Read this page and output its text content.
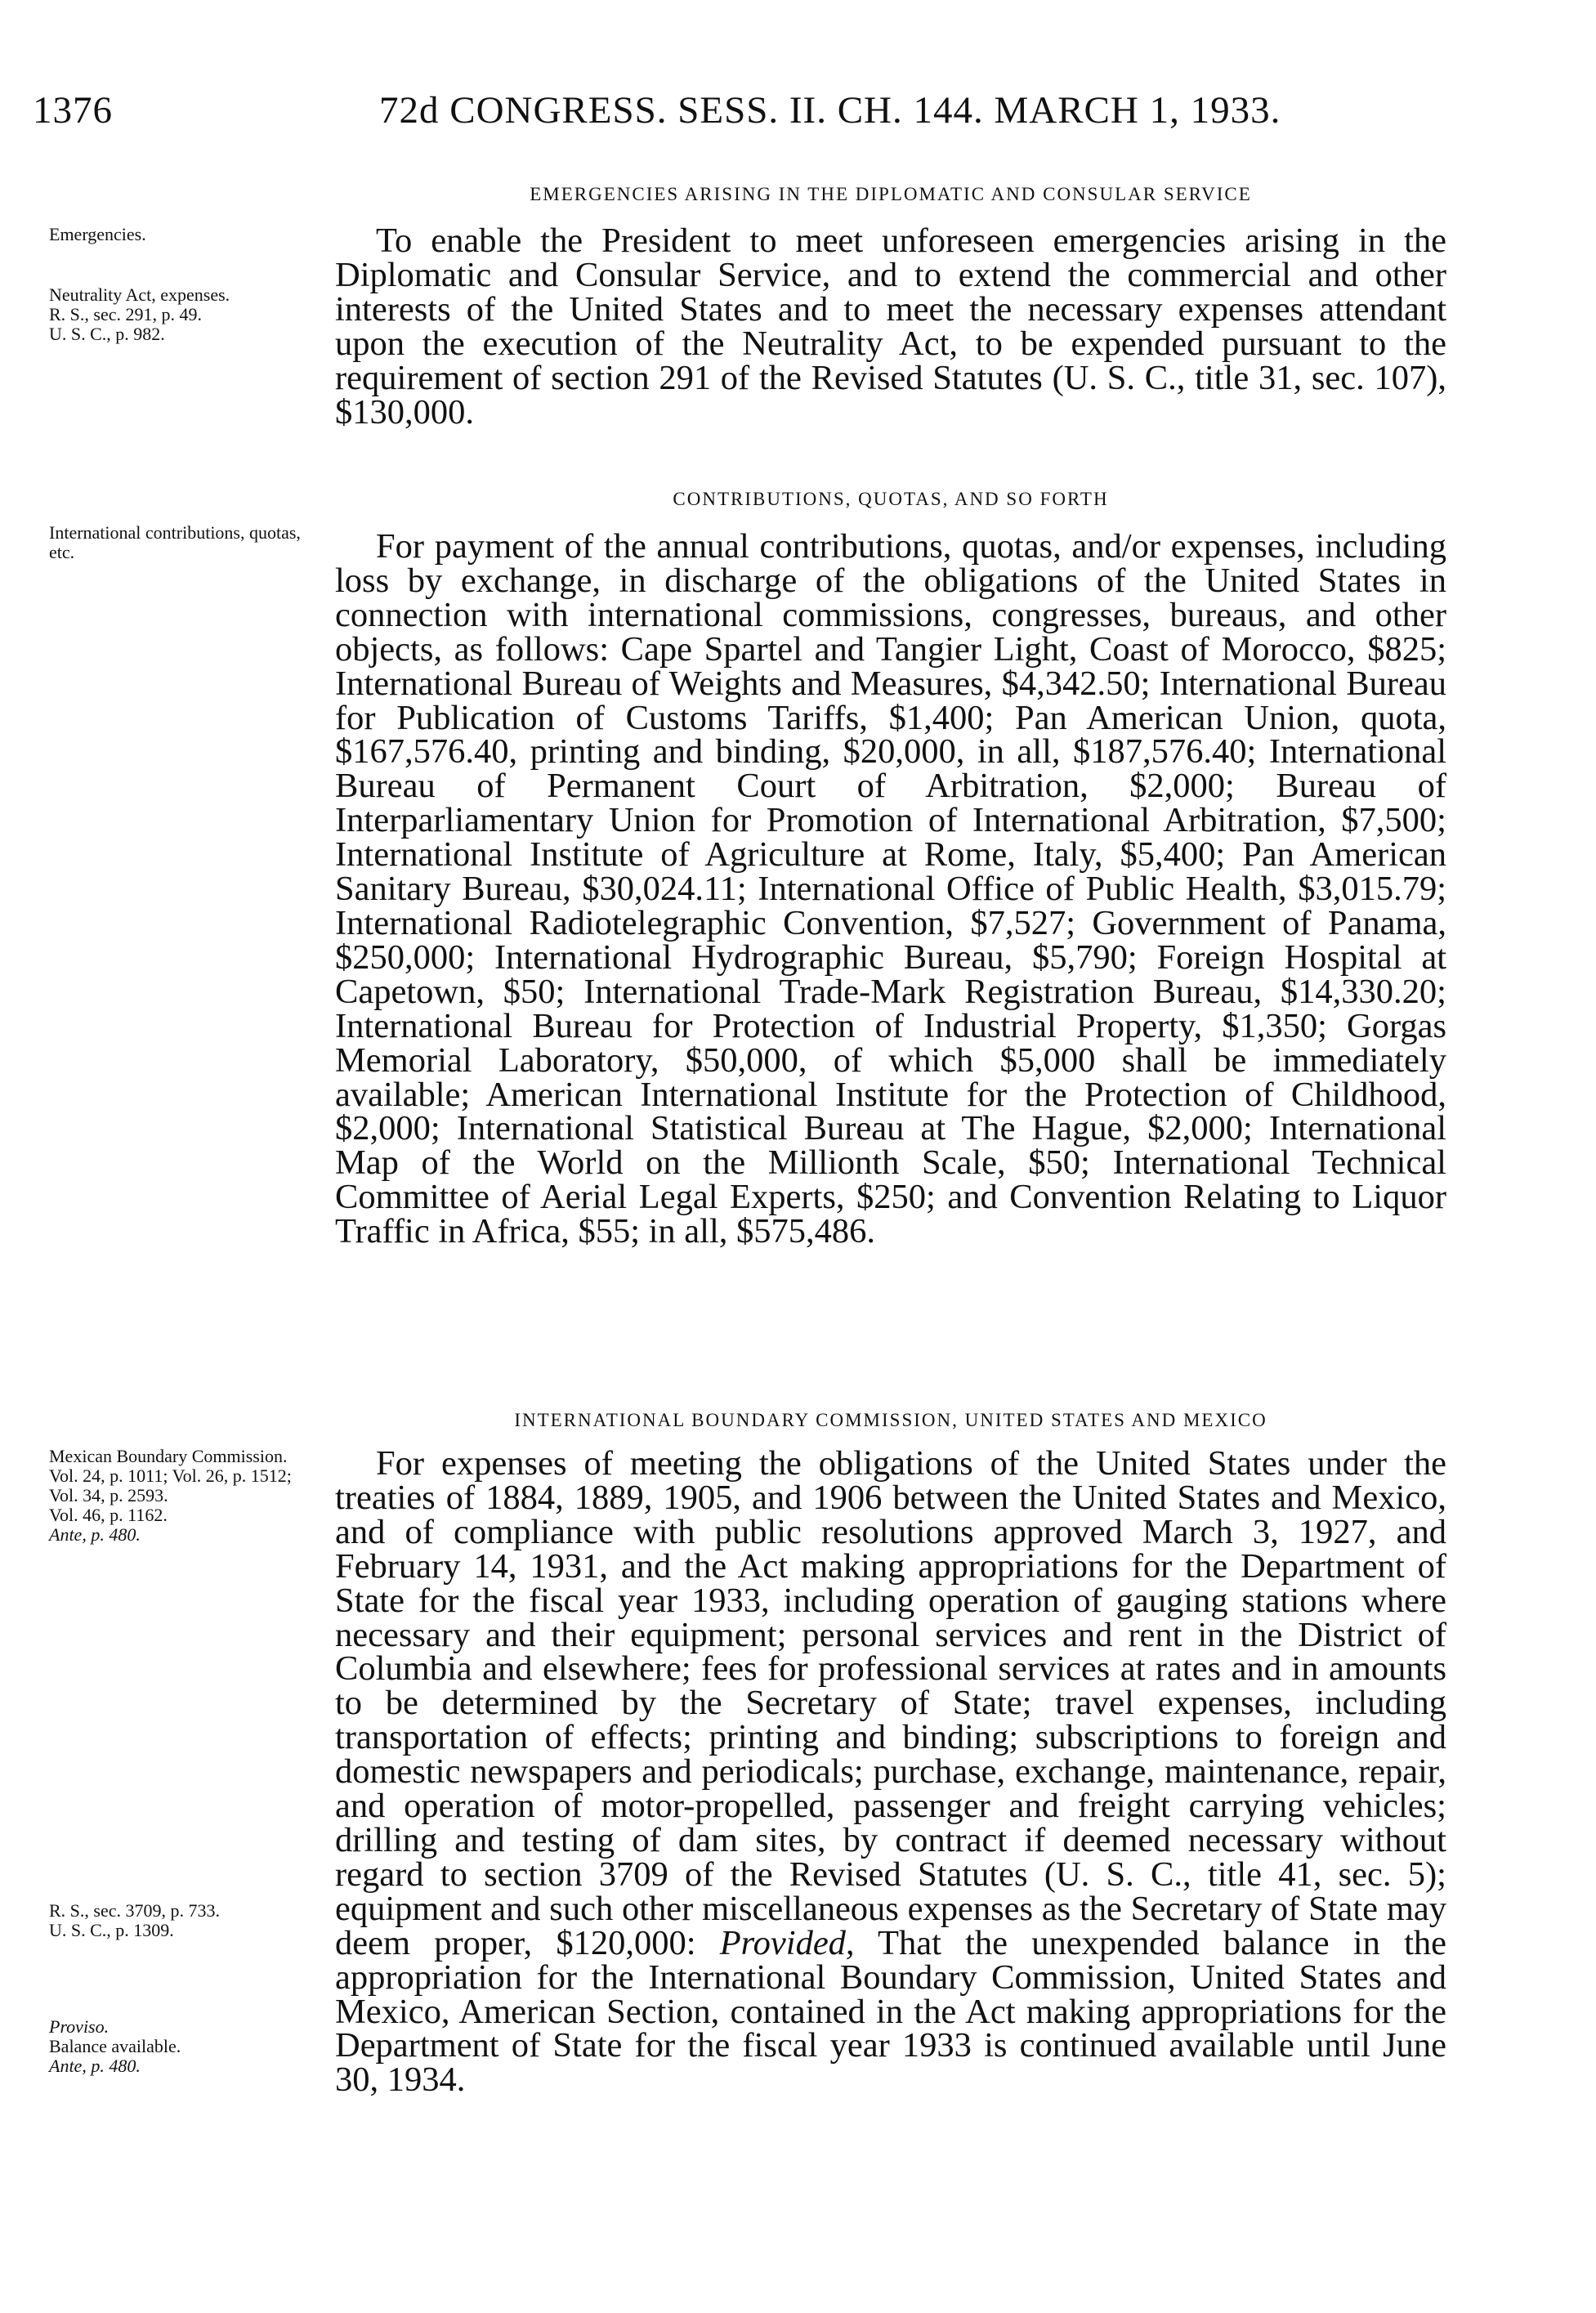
1376	72d CONGRESS. SESS. II. CH. 144. MARCH 1, 1933.
EMERGENCIES ARISING IN THE DIPLOMATIC AND CONSULAR SERVICE
Emergencies.
Neutrality Act, expenses.
R. S., sec. 291, p. 49.
U. S. C., p. 982.

To enable the President to meet unforeseen emergencies arising in the Diplomatic and Consular Service, and to extend the commercial and other interests of the United States and to meet the necessary expenses attendant upon the execution of the Neutrality Act, to be expended pursuant to the requirement of section 291 of the Revised Statutes (U. S. C., title 31, sec. 107), $130,000.

CONTRIBUTIONS, QUOTAS, AND SO FORTH
International contributions, quotas, etc.	For payment of the annual contributions, quotas, and/or expenses, including loss by exchange, in discharge of the obligations of the United States in connection with international commissions, congresses, bureaus, and other objects, as follows: Cape Spartel and Tangier Light, Coast of Morocco, $825; International Bureau of Weights and Measures, $4,342.50; International Bureau for Publication of Customs Tariffs, $1,400; Pan American Union, quota, $167,576.40, printing and binding, $20,000, in all, $187,576.40; International Bureau of Permanent Court of Arbitration, $2,000; Bureau of Interparliamentary Union for Promotion of International Arbitration, $7,500; International Institute of Agriculture at Rome, Italy, $5,400; Pan American Sanitary Bureau, $30,024.11; International Office of Public Health, $3,015.79; International Radiotelegraphic Convention, $7,527; Government of Panama, $250,000; International Hydrographic Bureau, $5,790; Foreign Hospital at Capetown, $50; International Trade-Mark Registration Bureau, $14,330.20; International Bureau for Protection of Industrial Property, $1,350; Gorgas Memorial Laboratory, $50,000, of which $5,000 shall be immediately available; American International Institute for the Protection of Childhood, $2,000; International Statistical Bureau at The Hague, $2,000; International Map of the World on the Millionth Scale, $50; International Technical Committee of Aerial Legal Experts, $250; and Convention Relating to Liquor Traffic in Africa, $55; in all, $575,486.

INTERNATIONAL BOUNDARY COMMISSION, UNITED STATES AND MEXICO
Mexican Boundary Commission.
Vol. 24, p. 1011; Vol. 26, p. 1512; Vol. 34, p. 2593.
Vol. 46, p. 1162.
Ante, p. 480.
R. S., sec. 3709, p. 733.
U. S. C., p. 1309.
Proviso.
Balance available.
Ante, p. 480.

For expenses of meeting the obligations of the United States under the treaties of 1884, 1889, 1905, and 1906 between the United States and Mexico, and of compliance with public resolutions approved March 3, 1927, and February 14, 1931, and the Act making appropriations for the Department of State for the fiscal year 1933, including operation of gauging stations where necessary and their equipment; personal services and rent in the District of Columbia and elsewhere; fees for professional services at rates and in amounts to be determined by the Secretary of State; travel expenses, including transportation of effects; printing and binding; subscriptions to foreign and domestic newspapers and periodicals; purchase, exchange, maintenance, repair, and operation of motor-propelled, passenger and freight carrying vehicles; drilling and testing of dam sites, by contract if deemed necessary without regard to section 3709 of the Revised Statutes (U. S. C., title 41, sec. 5); equipment and such other miscellaneous expenses as the Secretary of State may deem proper, $120,000: Provided, That the unexpended balance in the appropriation for the International Boundary Commission, United States and Mexico, American Section, contained in the Act making appropriations for the Department of State for the fiscal year 1933 is continued available until June 30, 1934.
